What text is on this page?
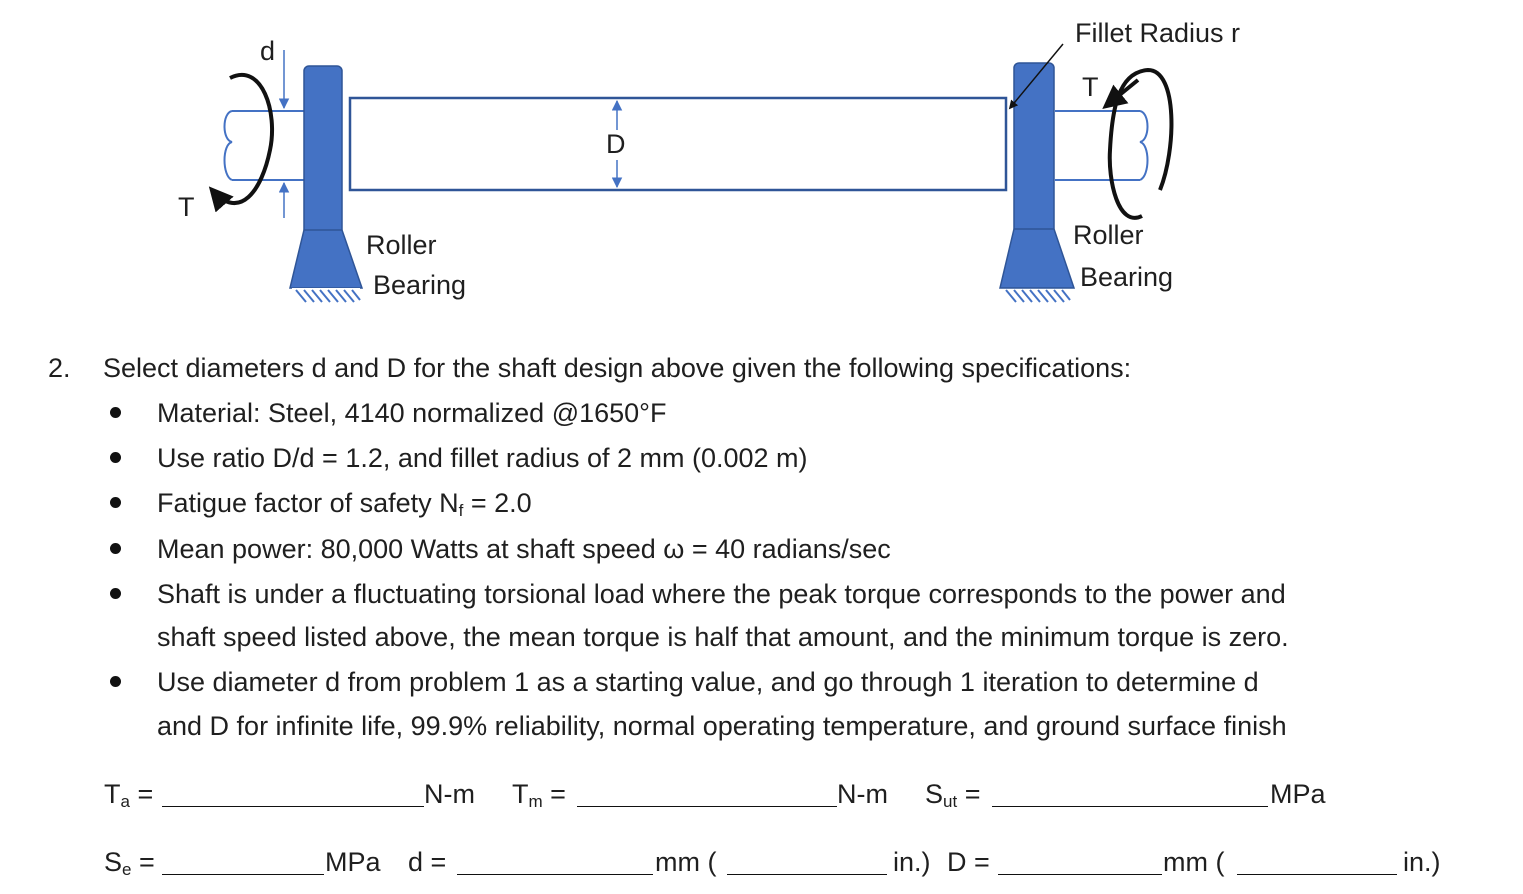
d
D
T
T
Fillet Radius r
Roller
Bearing
Roller
Bearing
2. Select diameters d and D for the shaft design above given the following specifications:
Material: Steel, 4140 normalized @1650°F
Use ratio D/d = 1.2, and fillet radius of 2 mm (0.002 m)
Fatigue factor of safety $N_f = 2.0$
Mean power: 80,000 Watts at shaft speed ω = 40 radians/sec
Shaft is under a fluctuating torsional load where the peak torque corresponds to the power and
shaft speed listed above, the mean torque is half that amount, and the minimum torque is zero.
Use diameter d from problem 1 as a starting value, and go through 1 iteration to determine d
and D for infinite life, 99.9% reliability, normal operating temperature, and ground surface finish
$T_a$ =	N-m $T_m$ =	N-m $S_{ut}$ =	MPa
$S_e$ =	MPa d =	mm (	in.) D =	mm (	in.)
